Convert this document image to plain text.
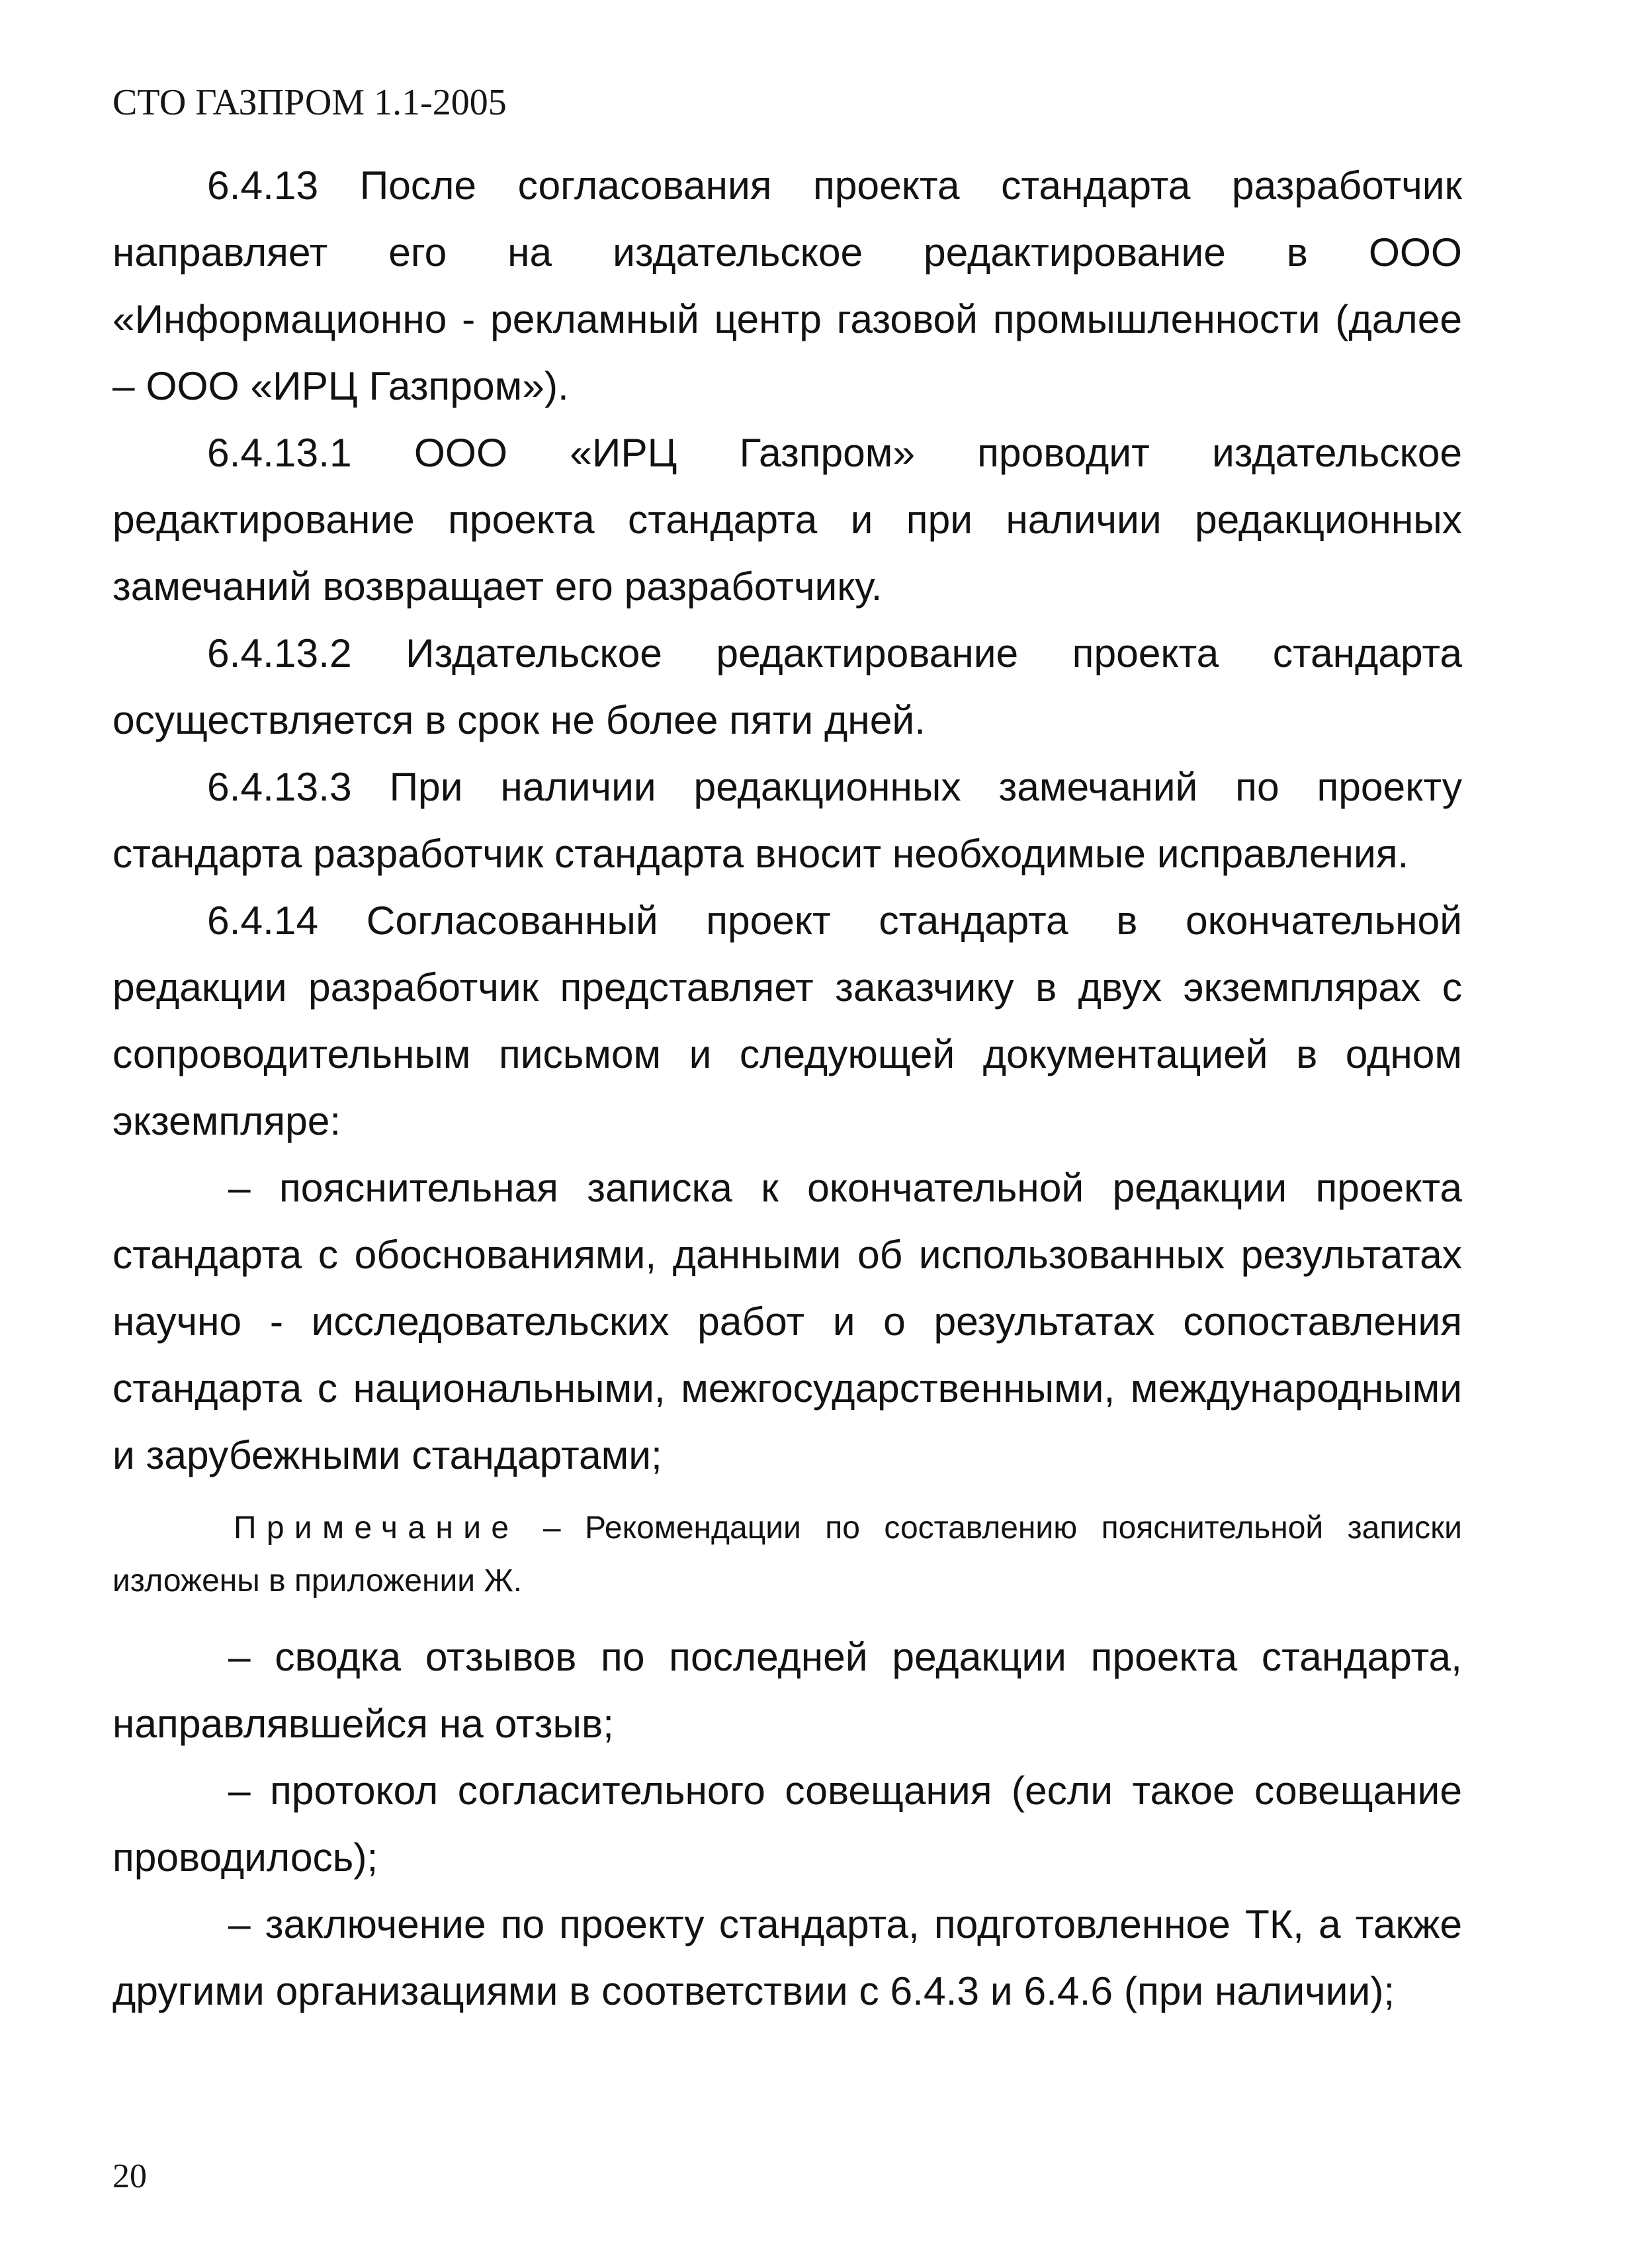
СТО ГАЗПРОМ 1.1-2005

6.4.13 После согласования проекта стандарта разработчик направляет его на издательское редактирование в ООО «Информационно - рекламный центр газовой промышленности (далее – ООО «ИРЦ Газпром»).

6.4.13.1 ООО «ИРЦ Газпром» проводит издательское редактирование проекта стандарта и при наличии редакционных замечаний возвращает его разработчику.

6.4.13.2 Издательское редактирование проекта стандарта осуществляется в срок не более пяти дней.

6.4.13.3 При наличии редакционных замечаний по проекту стандарта разработчик стандарта вносит необходимые исправления.

6.4.14 Согласованный проект стандарта в окончательной редакции разработчик представляет заказчику в двух экземплярах с сопроводительным письмом и следующей документацией в одном экземпляре:

– пояснительная записка к окончательной редакции проекта стандарта с обоснованиями, данными об использованных результатах научно - исследовательских работ и о результатах сопоставления стандарта с национальными, межгосударственными, международными и зарубежными стандартами;

Примечание – Рекомендации по составлению пояснительной записки изложены в приложении Ж.

– сводка отзывов по последней редакции проекта стандарта, направлявшейся на отзыв;

– протокол согласительного совещания (если такое совещание проводилось);

– заключение по проекту стандарта, подготовленное ТК, а также другими организациями в соответствии с 6.4.3 и 6.4.6 (при наличии);

20
